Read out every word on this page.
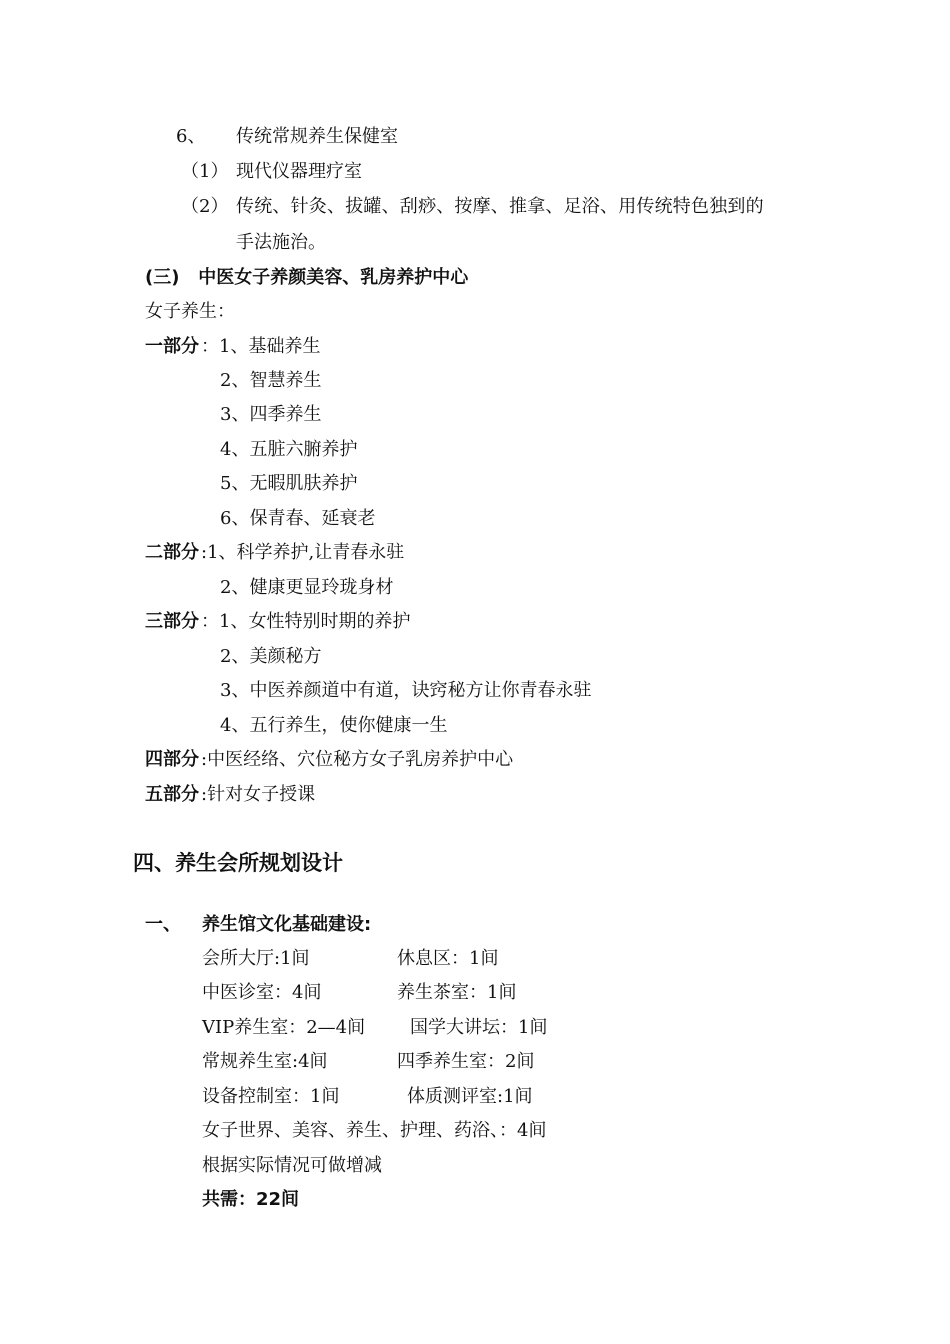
6、 传统常规养生保健室
（1） 现代仪器理疗室
（2） 传统、针灸、拔罐、刮痧、按摩、推拿、足浴、用传统特色独到的
手法施治。
(三)   中医女子养颜美容、乳房养护中心
女子养生：
一部分 ：1、基础养生
2、智慧养生
3、四季养生
4、五脏六腑养护
5、无暇肌肤养护
6、保青春、延衰老
二部分 :1、科学养护,让青春永驻
2、健康更显玲珑身材
三部分 ：1、女性特别时期的养护
2、美颜秘方
3、中医养颜道中有道，诀窍秘方让你青春永驻
4、五行养生，使你健康一生
四部分 :中医经络、穴位秘方女子乳房养护中心
五部分 :针对女子授课
四、养生会所规划设计
一、 养生馆文化基础建设:
会所大厅:1间	休息区：1间
中医诊室：4间	养生茶室：1间
VIP养生室：2—4间 国学大讲坛：1间
常规养生室:4间	四季养生室：2间
设备控制室：1间	体质测评室:1间
女子世界、美容、养生、护理、药浴、：4间
根据实际情况可做增减
共需：22间
